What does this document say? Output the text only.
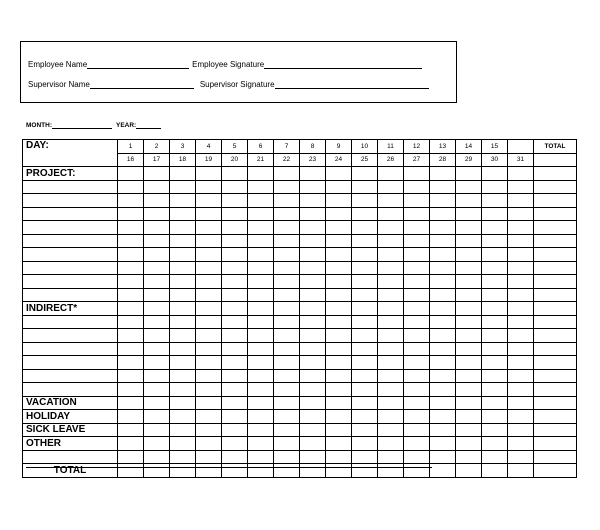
Employee Name	Employee Signature
Supervisor Name	Supervisor Signature
MONTH:	YEAR:
DAY:	1	2	3	4	5	6	7	8	9	10	11	12	13	14	15		TOTAL
	16	17	18	19	20	21	22	23	24	25	26	27	28	29	30	31	
PROJECT:																	

INDIRECT*																	

VACATION																	
HOLIDAY																	
SICK LEAVE																	
OTHER																	

TOTAL																	
